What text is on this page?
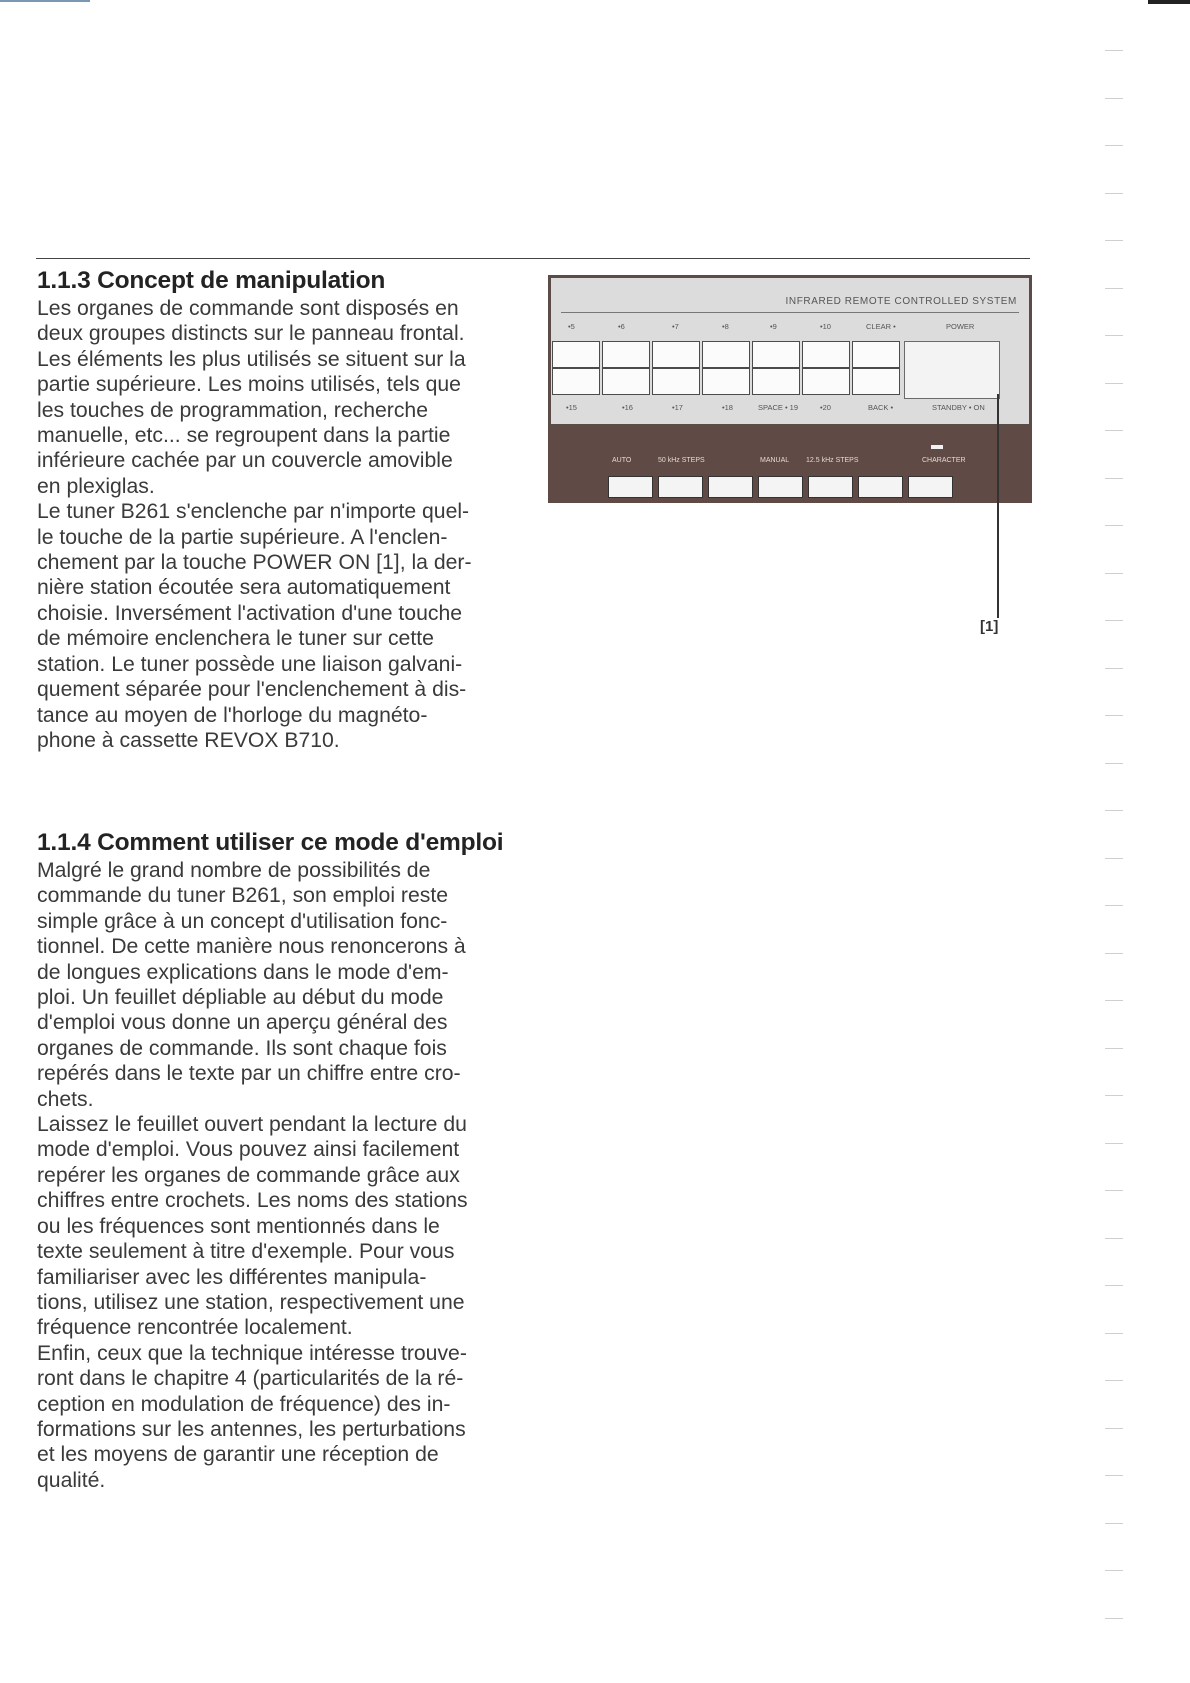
1.1.3 Concept de manipulation

Les organes de commande sont disposés en

deux groupes distincts sur le panneau frontal.

Les éléments les plus utilisés se situent sur la

partie supérieure. Les moins utilisés, tels que

les touches de programmation, recherche

manuelle, etc... se regroupent dans la partie

inférieure cachée par un couvercle amovible

en plexiglas.

Le tuner B261 s'enclenche par n'importe quel-

le touche de la partie supérieure. A l'enclen-

chement par la touche POWER ON [1], la der-

nière station écoutée sera automatiquement

choisie. Inversément l'activation d'une touche

de mémoire enclenchera le tuner sur cette

station. Le tuner possède une liaison galvani-

quement séparée pour l'enclenchement à dis-

tance au moyen de l'horloge du magnéto-

phone à cassette REVOX B710.

1.1.4 Comment utiliser ce mode d'emploi

Malgré le grand nombre de possibilités de

commande du tuner B261, son emploi reste

simple grâce à un concept d'utilisation fonc-

tionnel. De cette manière nous renoncerons à

de longues explications dans le mode d'em-

ploi. Un feuillet dépliable au début du mode

d'emploi vous donne un aperçu général des

organes de commande. Ils sont chaque fois

repérés dans le texte par un chiffre entre cro-

chets.

Laissez le feuillet ouvert pendant la lecture du

mode d'emploi. Vous pouvez ainsi facilement

repérer les organes de commande grâce aux

chiffres entre crochets. Les noms des stations

ou les fréquences sont mentionnés dans le

texte seulement à titre d'exemple. Pour vous

familiariser avec les différentes manipula-

tions, utilisez une station, respectivement une

fréquence rencontrée localement.

Enfin, ceux que la technique intéresse trouve-

ront dans le chapitre 4 (particularités de la ré-

ception en modulation de fréquence) des in-

formations sur les antennes, les perturbations

et les moyens de garantir une réception de

qualité.

INFRARED REMOTE CONTROLLED SYSTEM
•5	•6	•7	•8	•9	•10	CLEAR •	POWER
•15	•16	•17	•18	SPACE • 19	•20	BACK •	STANDBY • ON
AUTO	50 kHz STEPS	MANUAL 12.5 kHz STEPS	CHARACTER
[1]
